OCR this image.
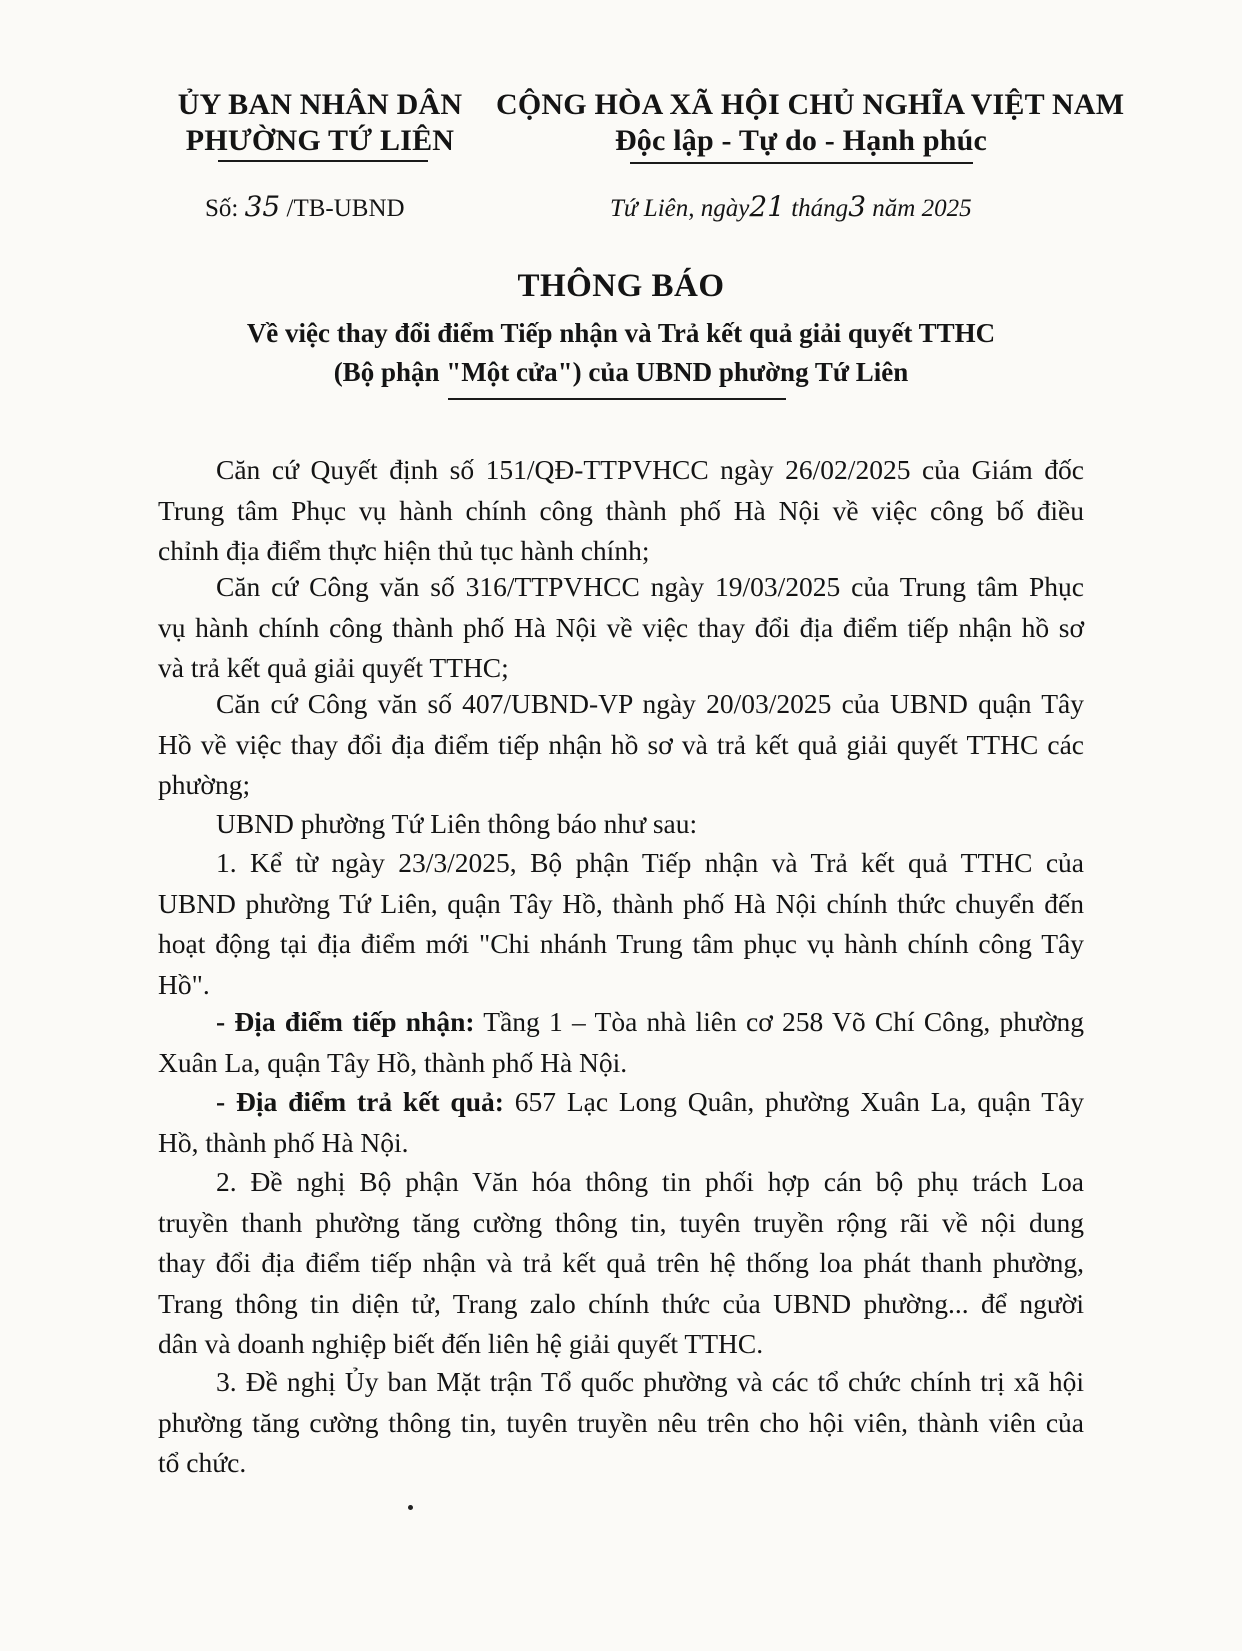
ỦY BAN NHÂN DÂN
PHƯỜNG TỨ LIÊN
CỘNG HÒA XÃ HỘI CHỦ NGHĨA VIỆT NAM
Độc lập - Tự do - Hạnh phúc
Số: 35 /TB-UBND	Tứ Liên, ngày21 tháng3 năm 2025
THÔNG BÁO
Về việc thay đổi điểm Tiếp nhận và Trả kết quả giải quyết TTHC
(Bộ phận "Một cửa") của UBND phường Tứ Liên
Căn cứ Quyết định số 151/QĐ-TTPVHCC ngày 26/02/2025 của Giám đốc
Trung tâm Phục vụ hành chính công thành phố Hà Nội về việc công bố điều
chỉnh địa điểm thực hiện thủ tục hành chính;
Căn cứ Công văn số 316/TTPVHCC ngày 19/03/2025 của Trung tâm Phục
vụ hành chính công thành phố Hà Nội về việc thay đổi địa điểm tiếp nhận hồ sơ
và trả kết quả giải quyết TTHC;
Căn cứ Công văn số 407/UBND-VP ngày 20/03/2025 của UBND quận Tây
Hồ về việc thay đổi địa điểm tiếp nhận hồ sơ và trả kết quả giải quyết TTHC các
phường;
UBND phường Tứ Liên thông báo như sau:
1. Kể từ ngày 23/3/2025, Bộ phận Tiếp nhận và Trả kết quả TTHC của
UBND phường Tứ Liên, quận Tây Hồ, thành phố Hà Nội chính thức chuyển đến
hoạt động tại địa điểm mới "Chi nhánh Trung tâm phục vụ hành chính công Tây
Hồ".
- Địa điểm tiếp nhận: Tầng 1 – Tòa nhà liên cơ 258 Võ Chí Công, phường
Xuân La, quận Tây Hồ, thành phố Hà Nội.
- Địa điểm trả kết quả: 657 Lạc Long Quân, phường Xuân La, quận Tây
Hồ, thành phố Hà Nội.
2. Đề nghị Bộ phận Văn hóa thông tin phối hợp cán bộ phụ trách Loa
truyền thanh phường tăng cường thông tin, tuyên truyền rộng rãi về nội dung
thay đổi địa điểm tiếp nhận và trả kết quả trên hệ thống loa phát thanh phường,
Trang thông tin diện tử, Trang zalo chính thức của UBND phường... để người
dân và doanh nghiệp biết đến liên hệ giải quyết TTHC.
3. Đề nghị Ủy ban Mặt trận Tổ quốc phường và các tổ chức chính trị xã hội
phường tăng cường thông tin, tuyên truyền nêu trên cho hội viên, thành viên của
tổ chức.
